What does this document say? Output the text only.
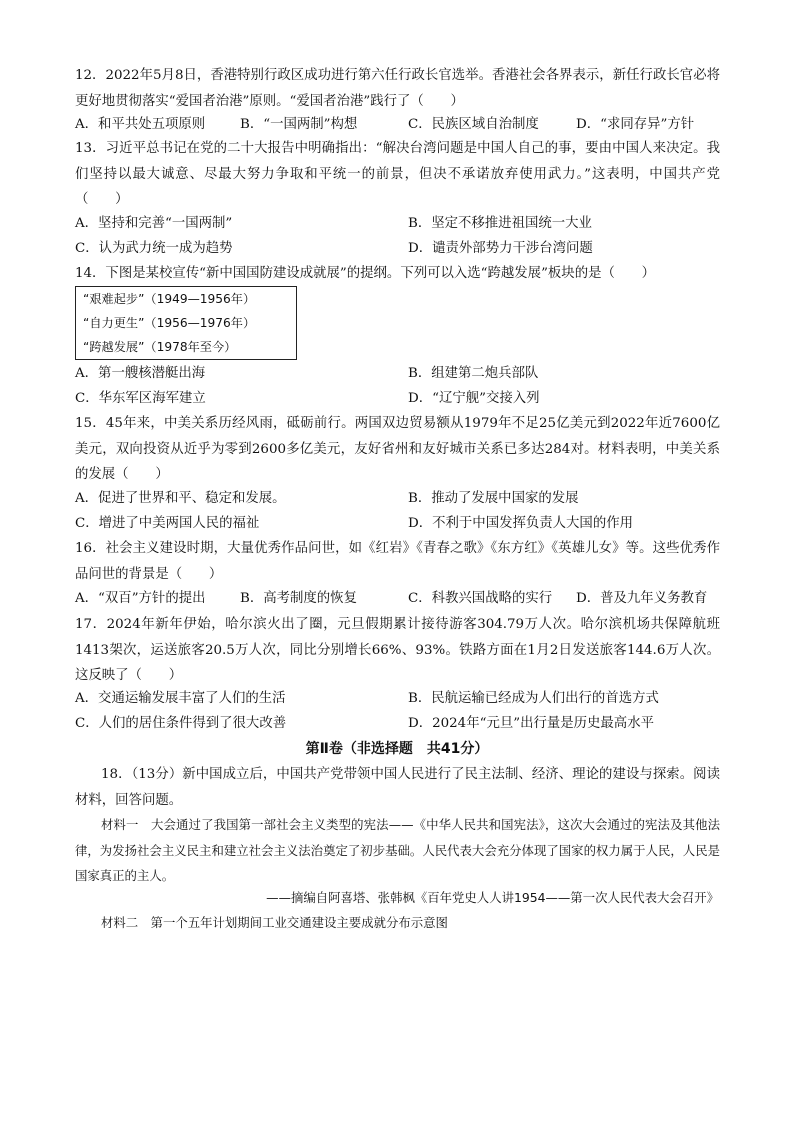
12．2022年5月8日，香港特别行政区成功进行第六任行政长官选举。香港社会各界表示，新任行政长官必将更好地贯彻落实“爱国者治港”原则。“爱国者治港”践行了（　　）
A．和平共处五项原则	B．“一国两制”构想	C．民族区域自治制度	D．“求同存异”方针
13．习近平总书记在党的二十大报告中明确指出：“解决台湾问题是中国人自己的事，要由中国人来决定。我们坚持以最大诚意、尽最大努力争取和平统一的前景，但决不承诺放弃使用武力。”这表明，中国共产党（　　）
A．坚持和完善“一国两制”	B．坚定不移推进祖国统一大业
C．认为武力统一成为趋势	D．谴责外部势力干涉台湾问题
14．下图是某校宣传“新中国国防建设成就展”的提纲。下列可以入选“跨越发展”板块的是（　　）
“艰难起步”（1949—1956年）
“自力更生”（1956—1976年）
“跨越发展”（1978年至今）
A．第一艘核潜艇出海	B．组建第二炮兵部队
C．华东军区海军建立	D．“辽宁舰”交接入列
15．45年来，中美关系历经风雨，砥砺前行。两国双边贸易额从1979年不足25亿美元到2022年近7600亿美元，双向投资从近乎为零到2600多亿美元，友好省州和友好城市关系已多达284对。材料表明，中美关系的发展（　　）
A．促进了世界和平、稳定和发展。	B．推动了发展中国家的发展
C．增进了中美两国人民的福祉	D．不利于中国发挥负责人大国的作用
16．社会主义建设时期，大量优秀作品问世，如《红岩》《青春之歌》《东方红》《英雄儿女》等。这些优秀作品问世的背景是（　　）
A．“双百”方针的提出	B．高考制度的恢复	C．科教兴国战略的实行 D．普及九年义务教育
17．2024年新年伊始，哈尔滨火出了圈，元旦假期累计接待游客304.79万人次。哈尔滨机场共保障航班1413架次，运送旅客20.5万人次，同比分别增长66%、93%。铁路方面在1月2日发送旅客144.6万人次。这反映了（　　）
A．交通运输发展丰富了人们的生活	B．民航运输已经成为人们出行的首选方式
C．人们的居住条件得到了很大改善	D．2024年“元旦”出行量是历史最高水平
第Ⅱ卷（非选择题　共41分）
18．（13分）新中国成立后，中国共产党带领中国人民进行了民主法制、经济、理论的建设与探索。阅读材料，回答问题。
材料一　大会通过了我国第一部社会主义类型的宪法——《中华人民共和国宪法》，这次大会通过的宪法及其他法律，为发扬社会主义民主和建立社会主义法治奠定了初步基础。人民代表大会充分体现了国家的权力属于人民，人民是国家真正的主人。
——摘编自阿喜塔、张韩枫《百年党史人人讲1954——第一次人民代表大会召开》
材料二　第一个五年计划期间工业交通建设主要成就分布示意图
